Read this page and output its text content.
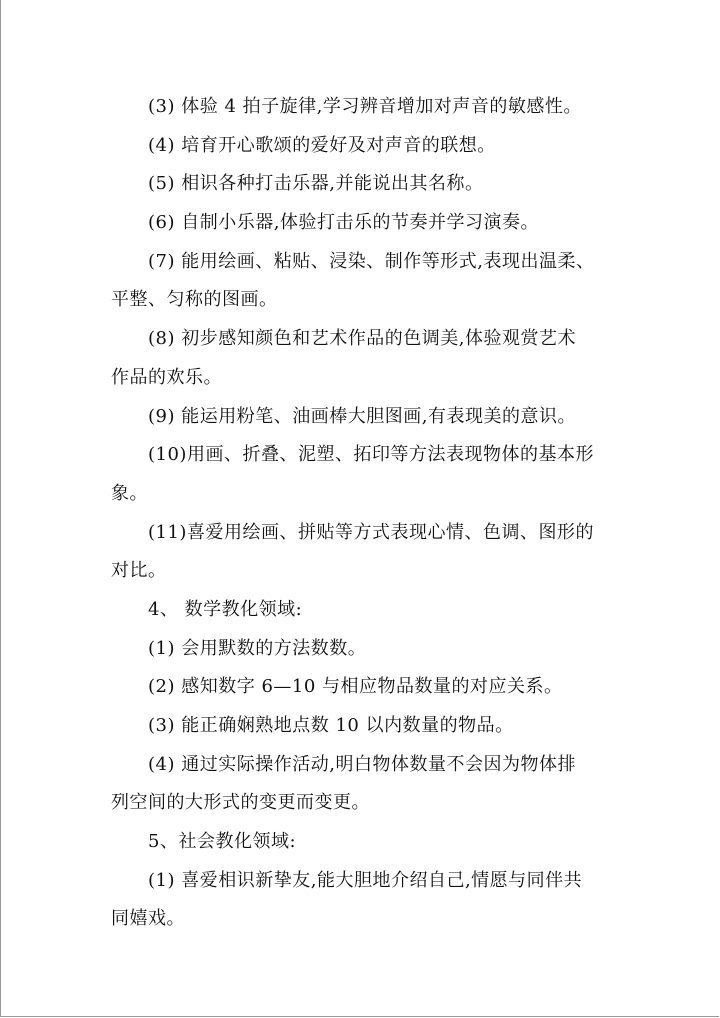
(3) 体验 4 拍子旋律,学习辨音增加对声音的敏感性。
(4) 培育开心歌颂的爱好及对声音的联想。
(5) 相识各种打击乐器,并能说出其名称。
(6) 自制小乐器,体验打击乐的节奏并学习演奏。
(7) 能用绘画、粘贴、浸染、制作等形式,表现出温柔、
平整、匀称的图画。
(8) 初步感知颜色和艺术作品的色调美,体验观赏艺术
作品的欢乐。
(9) 能运用粉笔、油画棒大胆图画,有表现美的意识。
(10)用画、折叠、泥塑、拓印等方法表现物体的基本形
象。
(11)喜爱用绘画、拼贴等方式表现心情、色调、图形的
对比。
4、 数学教化领域:
(1) 会用默数的方法数数。
(2) 感知数字 6—10 与相应物品数量的对应关系。
(3) 能正确娴熟地点数 10 以内数量的物品。
(4) 通过实际操作活动,明白物体数量不会因为物体排
列空间的大形式的变更而变更。
5、社会教化领域:
(1) 喜爱相识新挚友,能大胆地介绍自己,情愿与同伴共
同嬉戏。
